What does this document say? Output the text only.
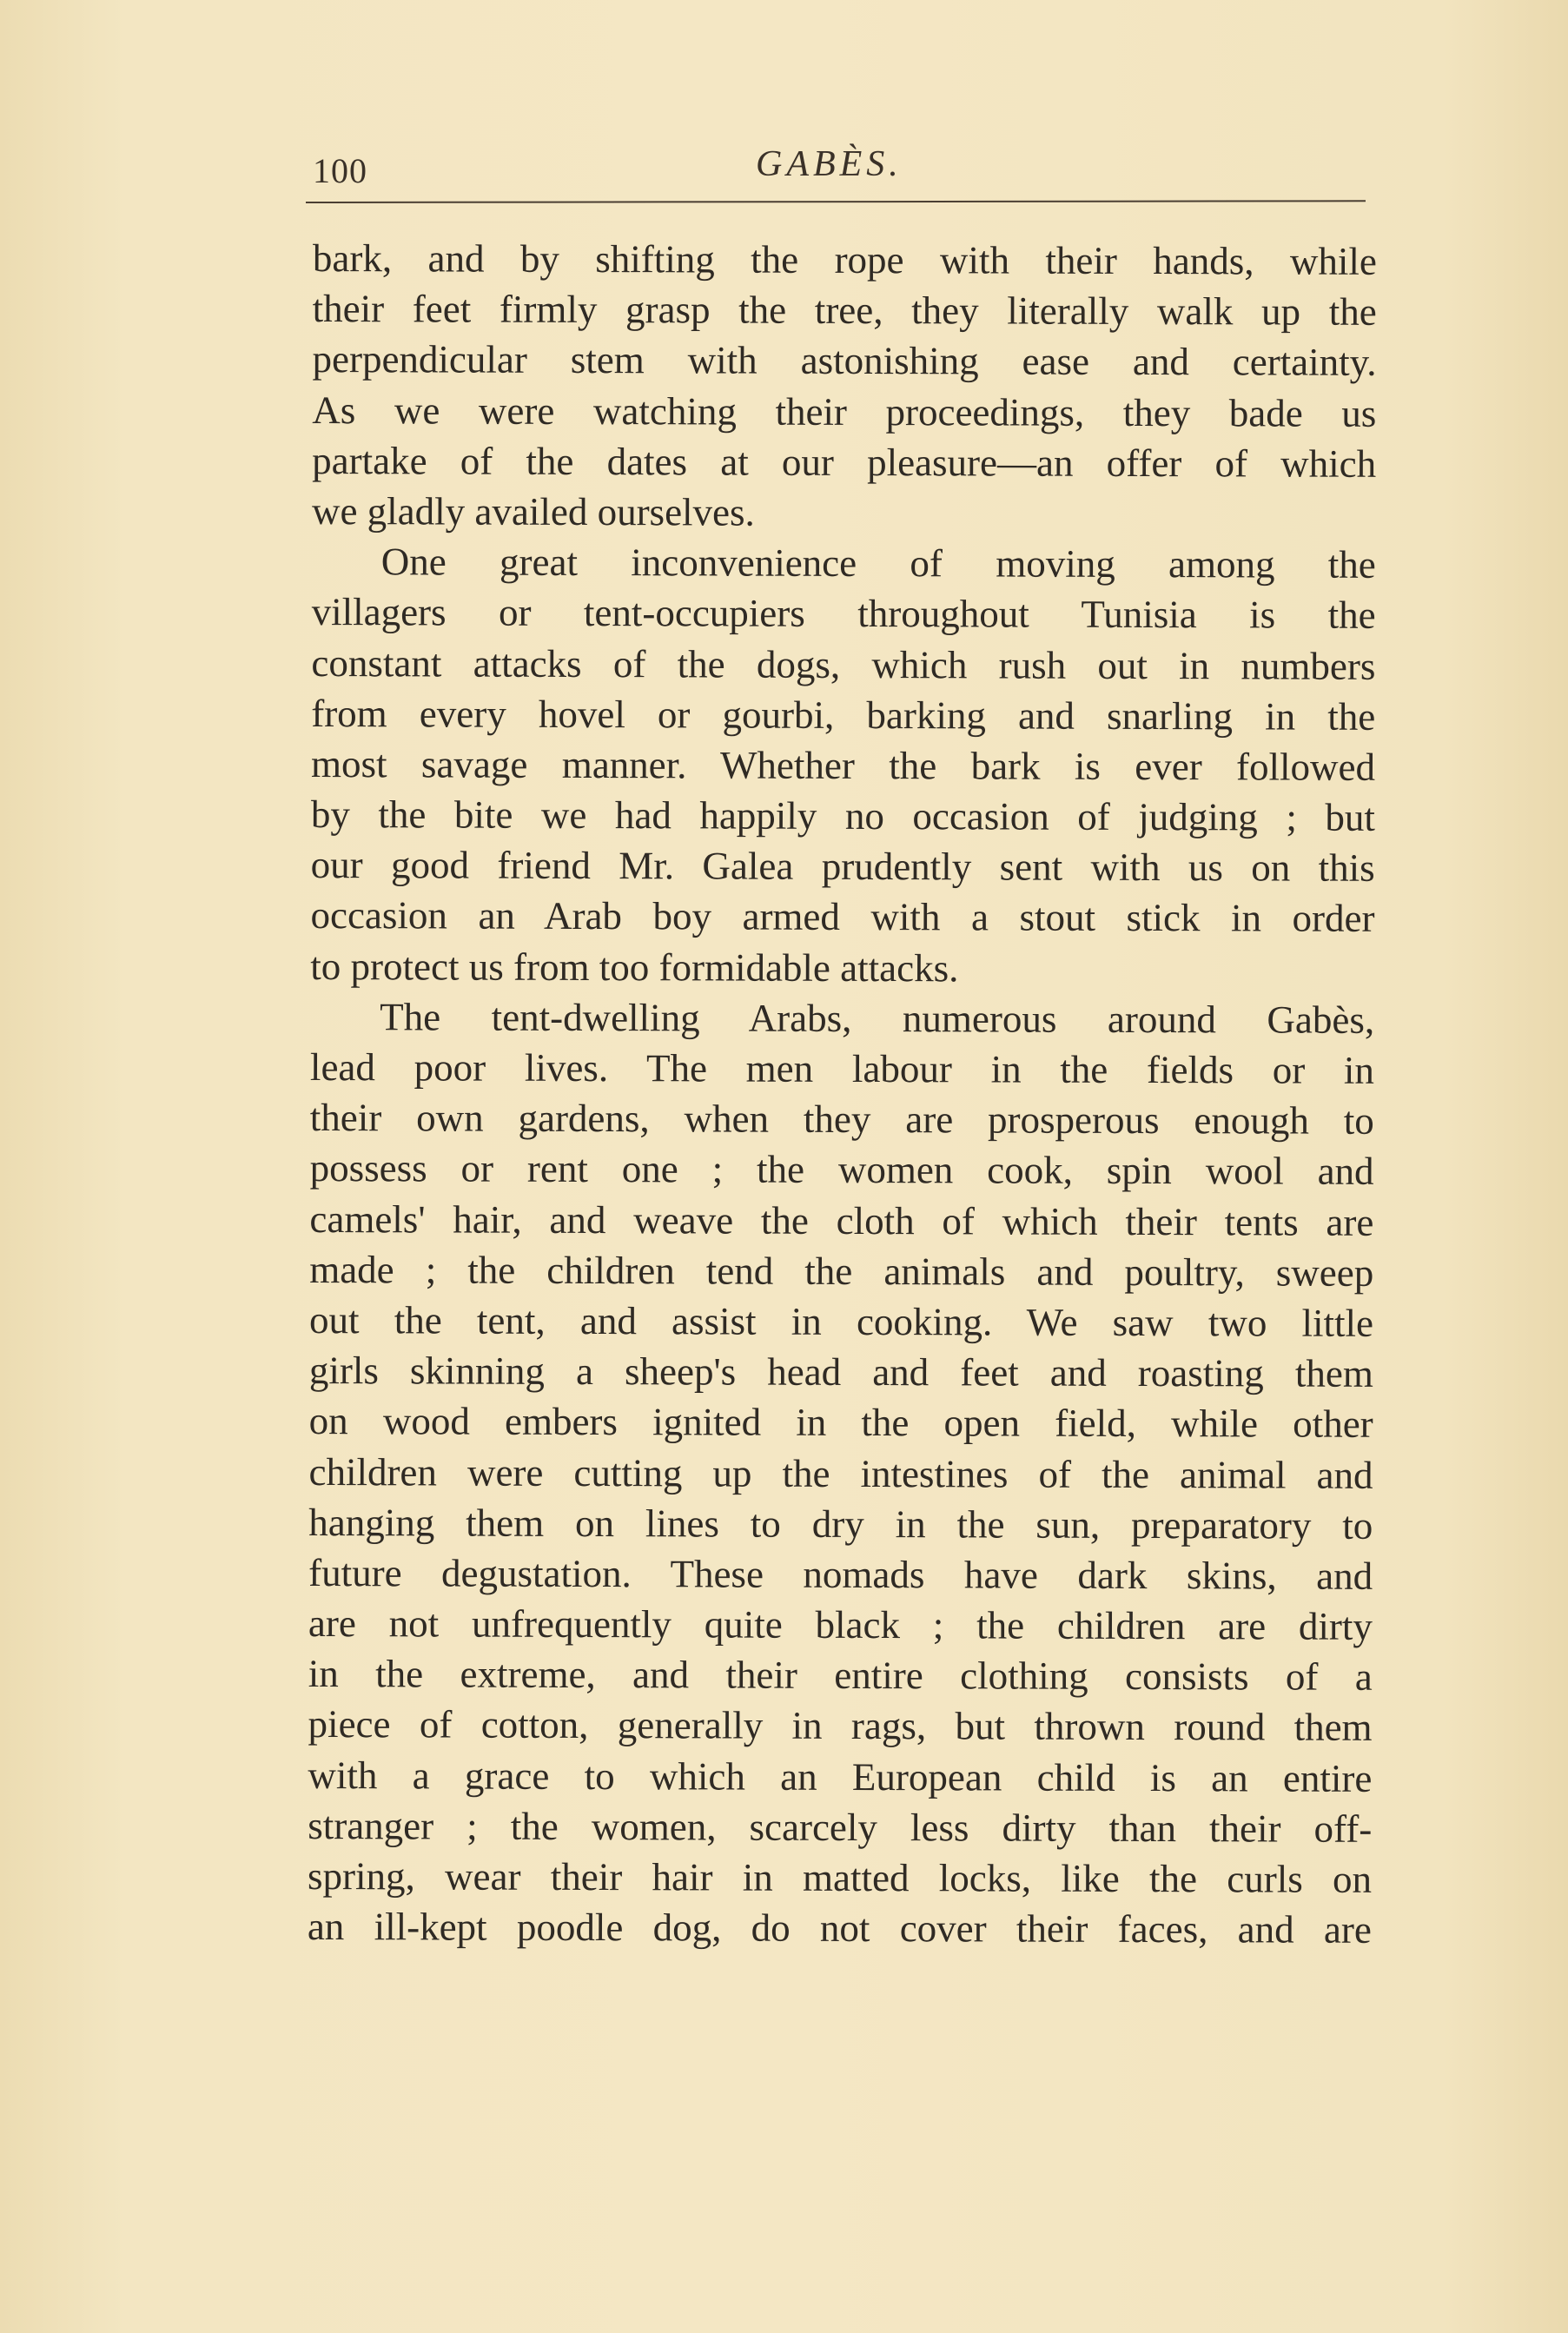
100	GABÈS.
bark, and by shifting the rope with their hands, while
their feet firmly grasp the tree, they literally walk up the
perpendicular stem with astonishing ease and certainty.
As we were watching their proceedings, they bade us
partake of the dates at our pleasure—an offer of which
we gladly availed ourselves.
One great inconvenience of moving among the
villagers or tent-occupiers throughout Tunisia is the
constant attacks of the dogs, which rush out in numbers
from every hovel or gourbi, barking and snarling in the
most savage manner. Whether the bark is ever followed
by the bite we had happily no occasion of judging ; but
our good friend Mr. Galea prudently sent with us on this
occasion an Arab boy armed with a stout stick in order
to protect us from too formidable attacks.
The tent-dwelling Arabs, numerous around Gabès,
lead poor lives. The men labour in the fields or in
their own gardens, when they are prosperous enough to
possess or rent one ; the women cook, spin wool and
camels' hair, and weave the cloth of which their tents are
made ; the children tend the animals and poultry, sweep
out the tent, and assist in cooking. We saw two little
girls skinning a sheep's head and feet and roasting them
on wood embers ignited in the open field, while other
children were cutting up the intestines of the animal and
hanging them on lines to dry in the sun, preparatory to
future degustation. These nomads have dark skins, and
are not unfrequently quite black ; the children are dirty
in the extreme, and their entire clothing consists of a
piece of cotton, generally in rags, but thrown round them
with a grace to which an European child is an entire
stranger ; the women, scarcely less dirty than their off-
spring, wear their hair in matted locks, like the curls on
an ill-kept poodle dog, do not cover their faces, and are
